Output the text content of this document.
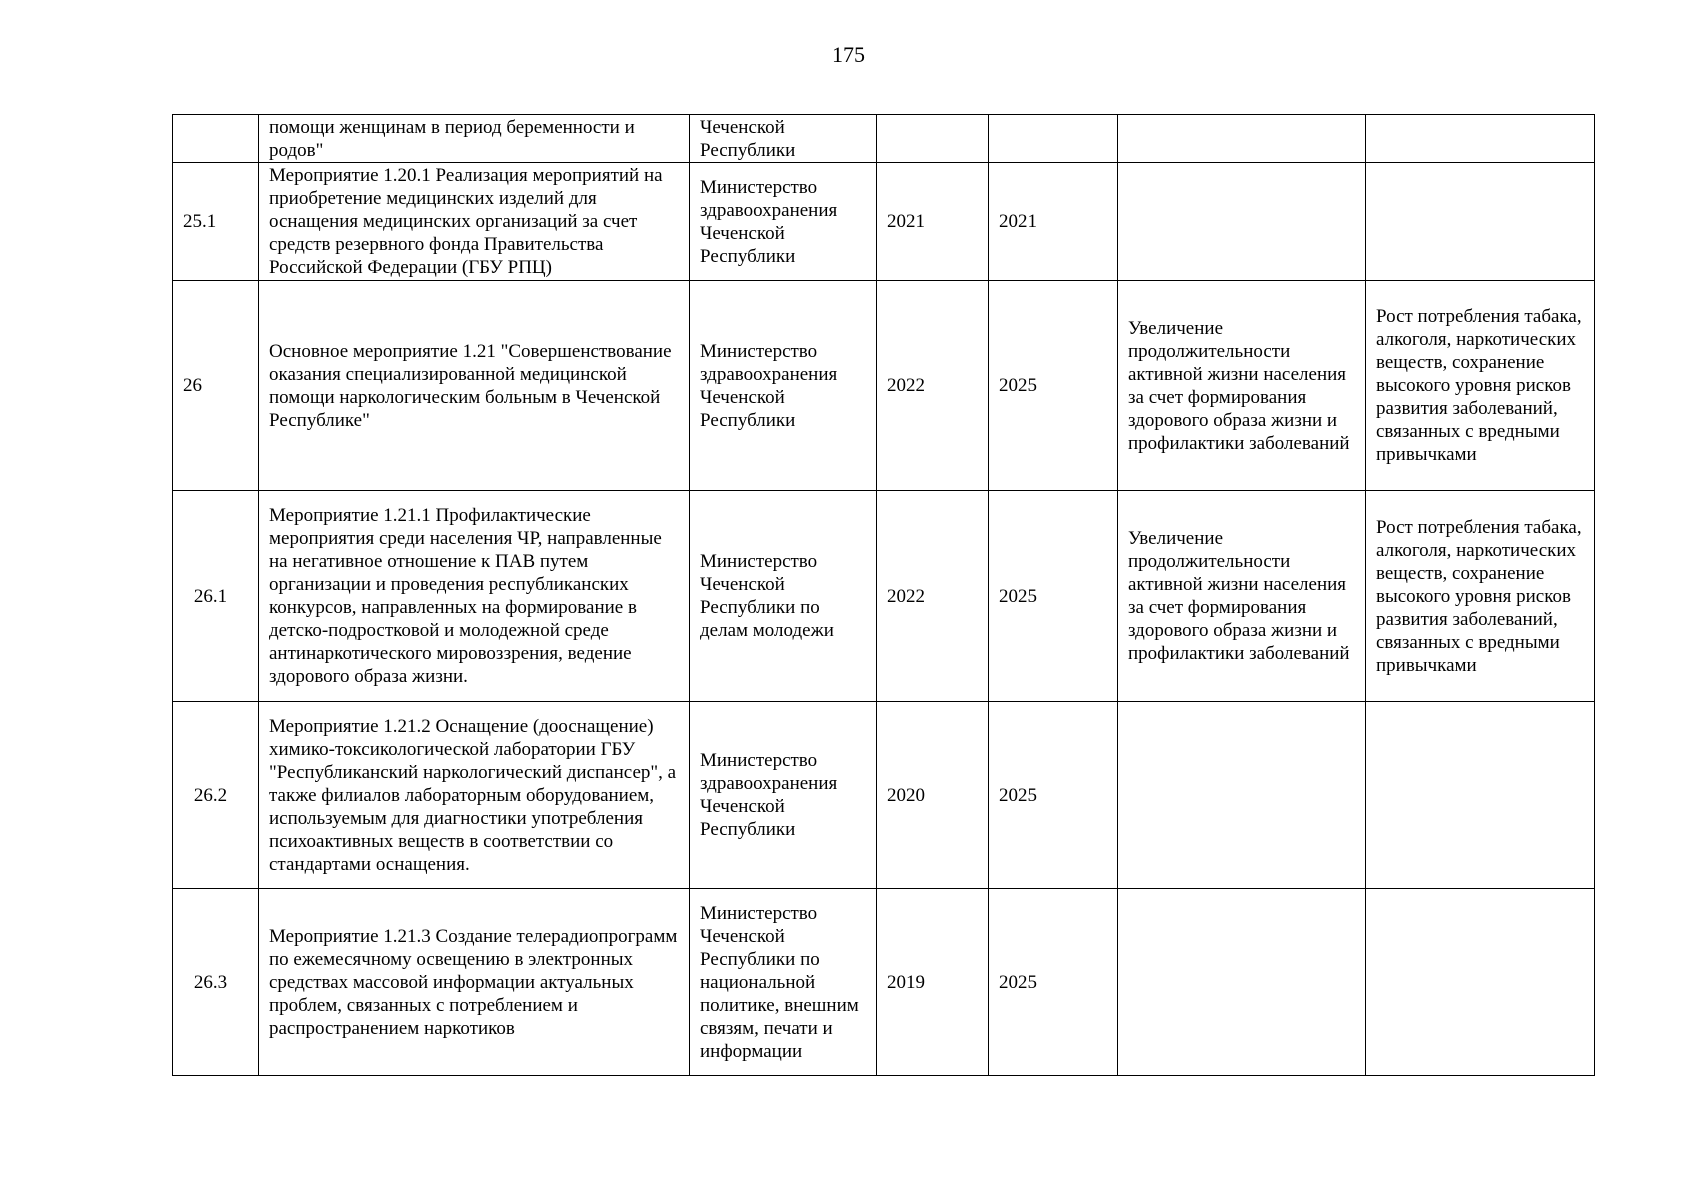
175
	помощи женщинам в период беременности и родов"	Чеченской Республики				
25.1	Мероприятие 1.20.1 Реализация мероприятий на приобретение медицинских изделий для оснащения медицинских организаций за счет средств резервного фонда Правительства Российской Федерации (ГБУ РПЦ)	Министерство здравоохранения Чеченской Республики	2021	2021		
26	Основное мероприятие 1.21 "Совершенствование оказания специализированной медицинской помощи наркологическим больным в Чеченской Республике"	Министерство здравоохранения Чеченской Республики	2022	2025	Увеличение продолжительности активной жизни населения за счет формирования здорового образа жизни и профилактики заболеваний	Рост потребления табака, алкоголя, наркотических веществ, сохранение высокого уровня рисков развития заболеваний, связанных с вредными привычками
26.1	Мероприятие 1.21.1 Профилактические мероприятия среди населения ЧР, направленные на негативное отношение к ПАВ путем организации и проведения республиканских конкурсов, направленных на формирование в детско-подростковой и молодежной среде антинаркотического мировоззрения, ведение здорового образа жизни.	Министерство Чеченской Республики по делам молодежи	2022	2025	Увеличение продолжительности активной жизни населения за счет формирования здорового образа жизни и профилактики заболеваний	Рост потребления табака, алкоголя, наркотических веществ, сохранение высокого уровня рисков развития заболеваний, связанных с вредными привычками
26.2	Мероприятие 1.21.2 Оснащение (дооснащение) химико-токсикологической лаборатории ГБУ "Республиканский наркологический диспансер", а также филиалов лабораторным оборудованием, используемым для диагностики употребления психоактивных веществ в соответствии со стандартами оснащения.	Министерство здравоохранения Чеченской Республики	2020	2025		
26.3	Мероприятие 1.21.3 Создание телерадиопрограмм по ежемесячному освещению в электронных средствах массовой информации актуальных проблем, связанных с потреблением и распространением наркотиков	Министерство Чеченской Республики по национальной политике, внешним связям, печати и информации	2019	2025		
